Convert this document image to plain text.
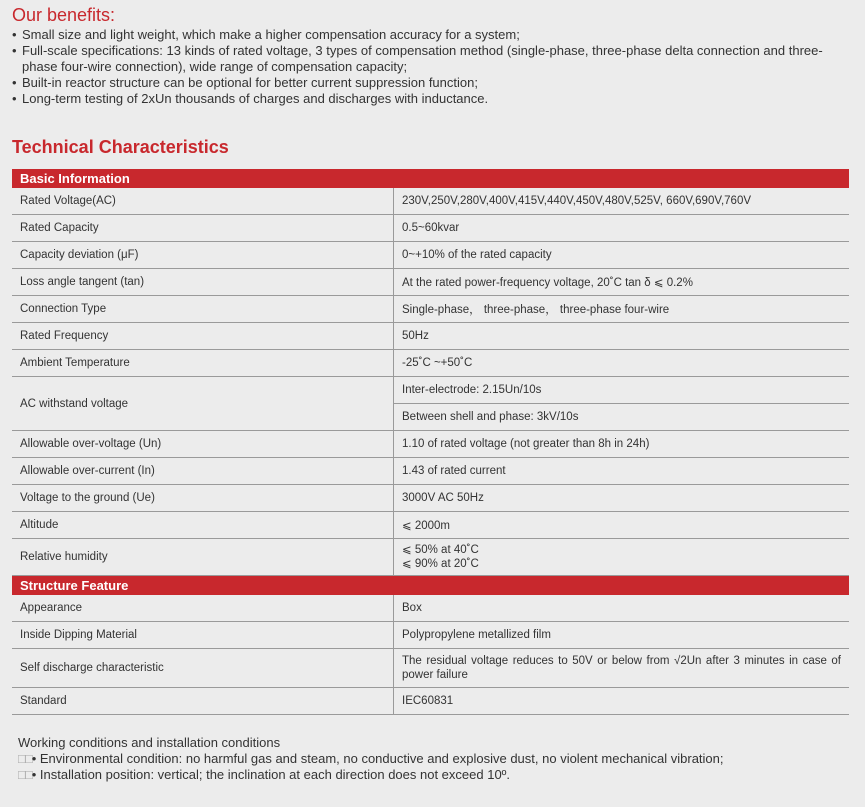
Our benefits:
• Small size and light weight, which make a higher compensation accuracy for a system;
• Full-scale specifications: 13 kinds of rated voltage, 3 types of compensation method (single-phase, three-phase delta connection and three-phase four-wire connection), wide range of compensation capacity;
• Built-in reactor structure can be optional for better current suppression function;
• Long-term testing of 2xUn thousands of charges and discharges with inductance.
Technical Characteristics
Basic Information	
Rated Voltage(AC)	230V,250V,280V,400V,415V,440V,450V,480V,525V, 660V,690V,760V
Rated Capacity	0.5~60kvar
Capacity deviation (μF)	0~+10% of the rated capacity
Loss angle tangent (tan)	At the rated power-frequency voltage, 20˚C tan δ ⩽ 0.2%
Connection Type	Single-phase， three-phase， three-phase four-wire
Rated Frequency	50Hz
Ambient Temperature	-25˚C ~+50˚C
AC withstand voltage	Inter-electrode: 2.15Un/10s
Between shell and phase: 3kV/10s

Allowable over-voltage (Un)	1.10 of rated voltage (not greater than 8h in 24h)
Allowable over-current (In)	1.43 of rated current
Voltage to the ground (Ue)	3000V AC 50Hz
Altitude	⩽ 2000m
Relative humidity	⩽ 50% at 40˚C
⩽ 90% at 20˚C

Structure Feature	
Appearance	Box
Inside Dipping Material	Polypropylene metallized film
Self discharge characteristic	The residual voltage reduces to 50V or below from √2Un after 3 minutes in case of power failure
Standard	IEC60831
Working conditions and installation conditions
□□• Environmental condition: no harmful gas and steam, no conductive and explosive dust, no violent mechanical vibration;
□□• Installation position: vertical; the inclination at each direction does not exceed 10º.
